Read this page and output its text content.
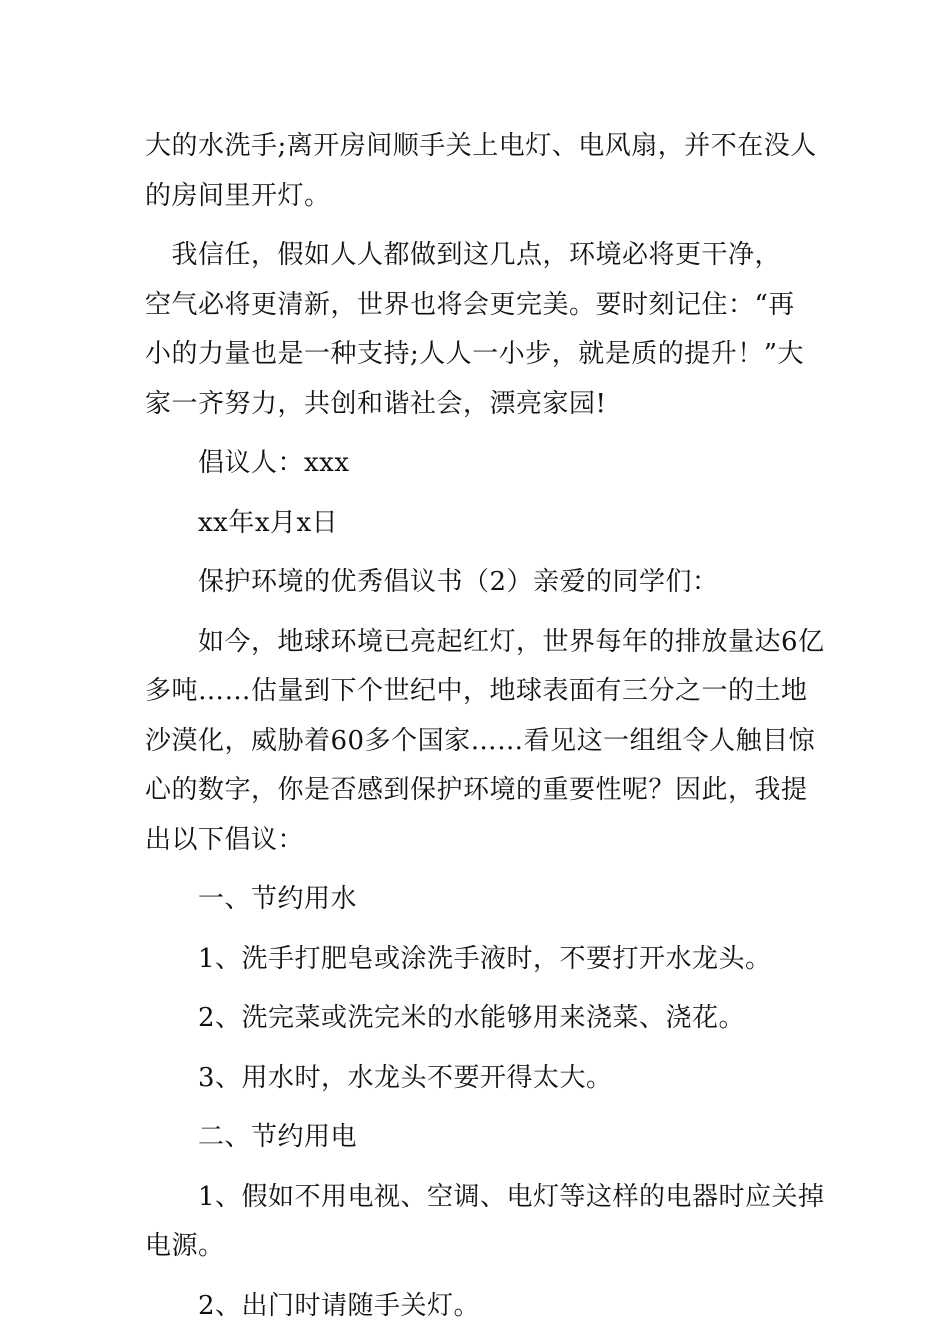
大的水洗手;离开房间顺手关上电灯、电风扇，并不在没人
的房间里开灯。

　我信任，假如人人都做到这几点，环境必将更干净，
空气必将更清新，世界也将会更完美。要时刻记住：“再
小的力量也是一种支持;人人一小步，就是质的提升！”大
家一齐努力，共创和谐社会，漂亮家园!

　　倡议人：xxx

　　xx年x月x日

　　保护环境的优秀倡议书（2）亲爱的同学们：

　　如今，地球环境已亮起红灯，世界每年的排放量达6亿
多吨……估量到下个世纪中，地球表面有三分之一的土地
沙漠化，威胁着60多个国家……看见这一组组令人触目惊
心的数字，你是否感到保护环境的重要性呢？因此，我提
出以下倡议：

　　一、节约用水

　　1、洗手打肥皂或涂洗手液时，不要打开水龙头。

　　2、洗完菜或洗完米的水能够用来浇菜、浇花。

　　3、用水时，水龙头不要开得太大。

　　二、节约用电

　　1、假如不用电视、空调、电灯等这样的电器时应关掉
电源。

　　2、出门时请随手关灯。
